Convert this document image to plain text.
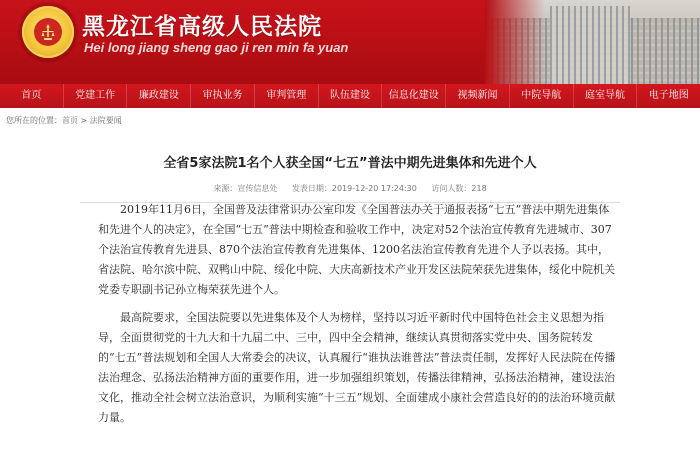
黑龙江省高级人民法院
Hei long jiang sheng gao ji ren min fa yuan
首页	党建工作	廉政建设	审执业务	审判管理	队伍建设	信息化建设	视频新闻	中院导航	庭室导航	电子地图
您所在的位置：首页 > 法院要闻
全省5家法院1名个人获全国“七五”普法中期先进集体和先进个人
来源：宣传信息处 发表日期：2019-12-20 17:24:30 访问人数：218

2019年11月6日，全国普及法律常识办公室印发《全国普法办关于通报表扬“七五”普法中期先进集体和先进个人的决定》，在全国“七五”普法中期检查和验收工作中，决定对52个法治宣传教育先进城市、307个法治宣传教育先进县、870个法治宣传教育先进集体、1200名法治宣传教育先进个人予以表扬。其中，省法院、哈尔滨中院、双鸭山中院、绥化中院、大庆高新技术产业开发区法院荣获先进集体，绥化中院机关党委专职副书记孙立梅荣获先进个人。

最高院要求，全国法院要以先进集体及个人为榜样，坚持以习近平新时代中国特色社会主义思想为指导，全面贯彻党的十九大和十九届二中、三中，四中全会精神，继续认真贯彻落实党中央、国务院转发的“七五”普法规划和全国人大常委会的决议，认真履行“谁执法谁普法”普法责任制，发挥好人民法院在传播法治理念、弘扬法治精神方面的重要作用，进一步加强组织策划，传播法律精神，弘扬法治精神，建设法治文化，推动全社会树立法治意识，为顺利实施“十三五”规划、全面建成小康社会营造良好的的法治环境贡献力量。
